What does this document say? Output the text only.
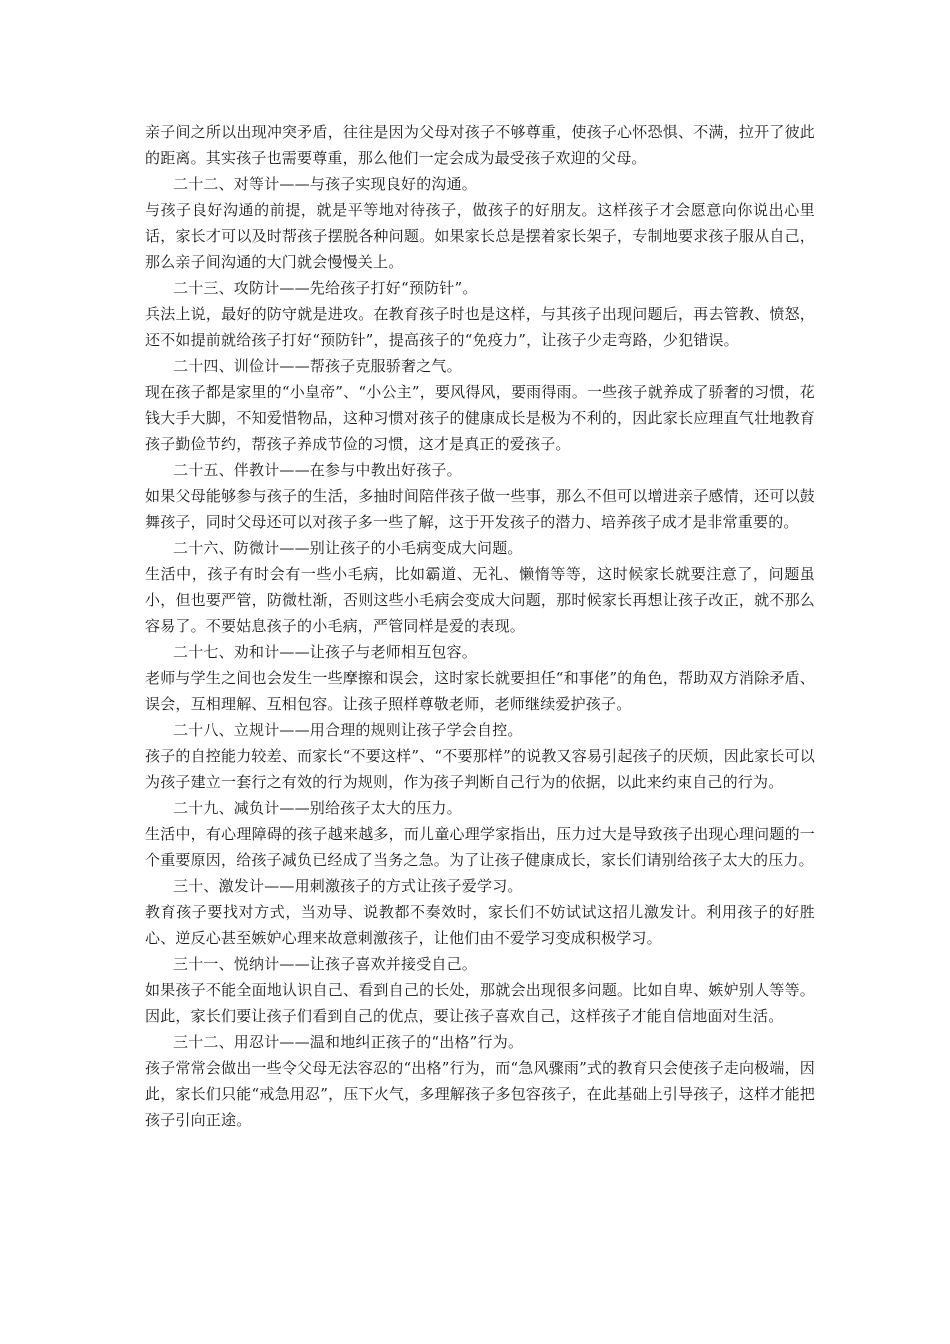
亲子间之所以出现冲突矛盾，往往是因为父母对孩子不够尊重，使孩子心怀恐惧、不满，拉开了彼此的距离。其实孩子也需要尊重，那么他们一定会成为最受孩子欢迎的父母。

二十二、对等计——与孩子实现良好的沟通。

与孩子良好沟通的前提，就是平等地对待孩子，做孩子的好朋友。这样孩子才会愿意向你说出心里话，家长才可以及时帮孩子摆脱各种问题。如果家长总是摆着家长架子，专制地要求孩子服从自己，那么亲子间沟通的大门就会慢慢关上。

二十三、攻防计——先给孩子打好“预防针”。

兵法上说，最好的防守就是进攻。在教育孩子时也是这样，与其孩子出现问题后，再去管教、愤怒，还不如提前就给孩子打好“预防针”，提高孩子的“免疫力”，让孩子少走弯路，少犯错误。

二十四、训俭计——帮孩子克服骄奢之气。

现在孩子都是家里的“小皇帝”、“小公主”，要风得风，要雨得雨。一些孩子就养成了骄奢的习惯，花钱大手大脚，不知爱惜物品，这种习惯对孩子的健康成长是极为不利的，因此家长应理直气壮地教育孩子勤俭节约，帮孩子养成节俭的习惯，这才是真正的爱孩子。

二十五、伴教计——在参与中教出好孩子。

如果父母能够参与孩子的生活，多抽时间陪伴孩子做一些事，那么不但可以增进亲子感情，还可以鼓舞孩子，同时父母还可以对孩子多一些了解，这于开发孩子的潜力、培养孩子成才是非常重要的。

二十六、防微计——别让孩子的小毛病变成大问题。

生活中，孩子有时会有一些小毛病，比如霸道、无礼、懒惰等等，这时候家长就要注意了，问题虽小，但也要严管，防微杜渐，否则这些小毛病会变成大问题，那时候家长再想让孩子改正，就不那么容易了。不要姑息孩子的小毛病，严管同样是爱的表现。

二十七、劝和计——让孩子与老师相互包容。

老师与学生之间也会发生一些摩擦和误会，这时家长就要担任“和事佬”的角色，帮助双方消除矛盾、误会，互相理解、互相包容。让孩子照样尊敬老师，老师继续爱护孩子。

二十八、立规计——用合理的规则让孩子学会自控。

孩子的自控能力较差、而家长“不要这样”、“不要那样”的说教又容易引起孩子的厌烦，因此家长可以为孩子建立一套行之有效的行为规则，作为孩子判断自己行为的依据，以此来约束自己的行为。

二十九、减负计——别给孩子太大的压力。

生活中，有心理障碍的孩子越来越多，而儿童心理学家指出，压力过大是导致孩子出现心理问题的一个重要原因，给孩子减负已经成了当务之急。为了让孩子健康成长，家长们请别给孩子太大的压力。

三十、激发计——用刺激孩子的方式让孩子爱学习。

教育孩子要找对方式，当劝导、说教都不奏效时，家长们不妨试试这招儿激发计。利用孩子的好胜心、逆反心甚至嫉妒心理来故意刺激孩子，让他们由不爱学习变成积极学习。

三十一、悦纳计——让孩子喜欢并接受自己。

如果孩子不能全面地认识自己、看到自己的长处，那就会出现很多问题。比如自卑、嫉妒别人等等。因此，家长们要让孩子们看到自己的优点，要让孩子喜欢自己，这样孩子才能自信地面对生活。

三十二、用忍计——温和地纠正孩子的“出格”行为。

孩子常常会做出一些令父母无法容忍的“出格”行为，而“急风骤雨”式的教育只会使孩子走向极端，因此，家长们只能“戒急用忍”，压下火气，多理解孩子多包容孩子，在此基础上引导孩子，这样才能把孩子引向正途。
